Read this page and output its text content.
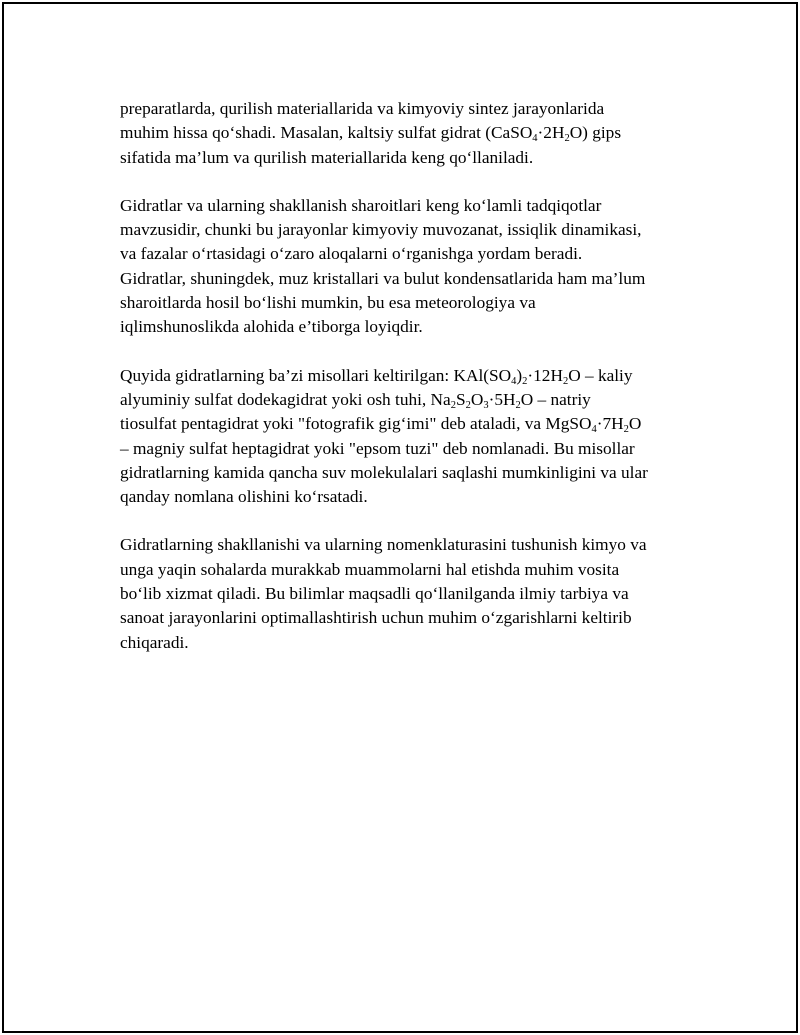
preparatlarda, qurilish materiallarida va kimyoviy sintez jarayonlarida
muhim hissa qo‘shadi. Masalan, kaltsiy sulfat gidrat $(CaSO_4\cdot 2H_2O)$ gips
sifatida ma’lum va qurilish materiallarida keng qo‘llaniladi.

Gidratlar va ularning shakllanish sharoitlari keng ko‘lamli tadqiqotlar
mavzusidir, chunki bu jarayonlar kimyoviy muvozanat, issiqlik dinamikasi,
va fazalar o‘rtasidagi o‘zaro aloqalarni o‘rganishga yordam beradi.
Gidratlar, shuningdek, muz kristallari va bulut kondensatlarida ham ma’lum
sharoitlarda hosil bo‘lishi mumkin, bu esa meteorologiya va
iqlimshunoslikda alohida e’tiborga loyiqdir.

Quyida gidratlarning ba’zi misollari keltirilgan: $KAl(SO_4)_2\cdot 12H_2O$ – kaliy
alyuminiy sulfat dodekagidrat yoki osh tuhi, $Na_2S_2O_3\cdot 5H_2O$ – natriy
tiosulfat pentagidrat yoki "fotografik gig‘imi" deb ataladi, va $MgSO_4\cdot 7H_2O$
– magniy sulfat heptagidrat yoki "epsom tuzi" deb nomlanadi. Bu misollar
gidratlarning kamida qancha suv molekulalari saqlashi mumkinligini va ular
qanday nomlana olishini ko‘rsatadi.

Gidratlarning shakllanishi va ularning nomenklaturasini tushunish kimyo va
unga yaqin sohalarda murakkab muammolarni hal etishda muhim vosita
bo‘lib xizmat qiladi. Bu bilimlar maqsadli qo‘llanilganda ilmiy tarbiya va
sanoat jarayonlarini optimallashtirish uchun muhim o‘zgarishlarni keltirib
chiqaradi.
